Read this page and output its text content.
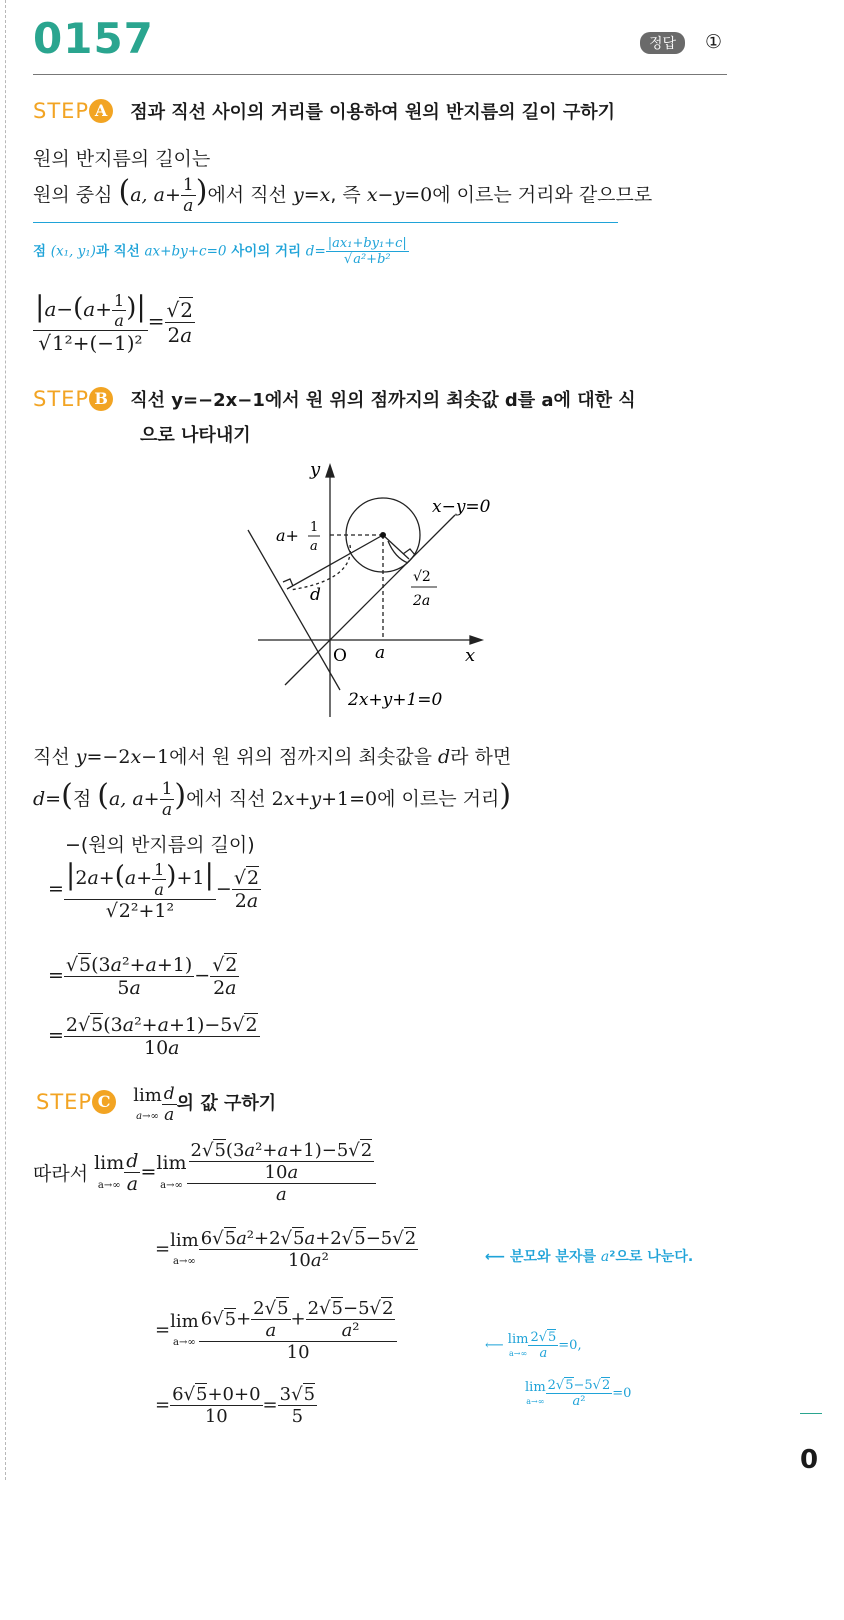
0157	정답	①
STEP A 점과 직선 사이의 거리를 이용하여 원의 반지름의 길이 구하기
원의 반지름의 길이는
원의 중심 (a, $a+ \frac{1}{a}$ )에서 직선 y=x, 즉 x−y=0에 이르는 거리와 같으므로
점 (x₁, y₁)과 직선 ax+by+c=0 사이의 거리 $d= \frac{\text{|ax₁+by₁+c|}}{\text{√a²+b²}}$
$\frac{|a-(a+ \frac{1}{a} )|}{\text{√1²+(−1)²}} = \frac{√2}{2a}$
STEP B 직선 y=−2x−1에서 원 위의 점까지의 최솟값 d를 a에 대한 식
으로 나타내기
y
x
O a
x−y=0
2x+y+1=0
d
a+ 1
a
√2
2a
직선 y=−2x−1에서 원 위의 점까지의 최솟값을 d라 하면
d=(점 (a, $a+ \frac{1}{a}$ )에서 직선 2x+y+1=0에 이르는 거리)
−(원의 반지름의 길이)
= $\frac{|2a+(a+ \frac{1}{a} )+1|}{\text{√2²+1²}} - \frac{√2}{2a}$
= $\frac{\text{√5(3a²+a+1)}}{5a} - \frac{√2}{2a}$
= $\frac{\text{2√5(3a²+a+1)−5√2}}{10a}$
STEP C lim
$a\to\infty \frac{d}{a}$ 의 값 구하기
따라서 lim
$a\to\infty \frac{d}{a} =\lim$
$a\to\infty \frac{\frac{\text{2√5(3a²+a+1)−5√2}}{10a}}{a}$
=lim
$a\to\infty \frac{\text{6√5a²+2√5a+2√5−5√2}}{\text{10a²}}$	⟵ 분모와 분자를 a²으로 나눈다.
=lim
$a\to\infty \frac{6√5+ \frac{2√5}{a} + \frac{2√5-5√2}{\text{a²}}}{10}$	⟵ lim
$a\to\infty \frac{2√5}{a} =0$,
lim
$a\to\infty \frac{2√5-5√2}{\text{a²}} =0$
= $\frac{6√5+0+0}{10} = \frac{3√5}{5}$
0
